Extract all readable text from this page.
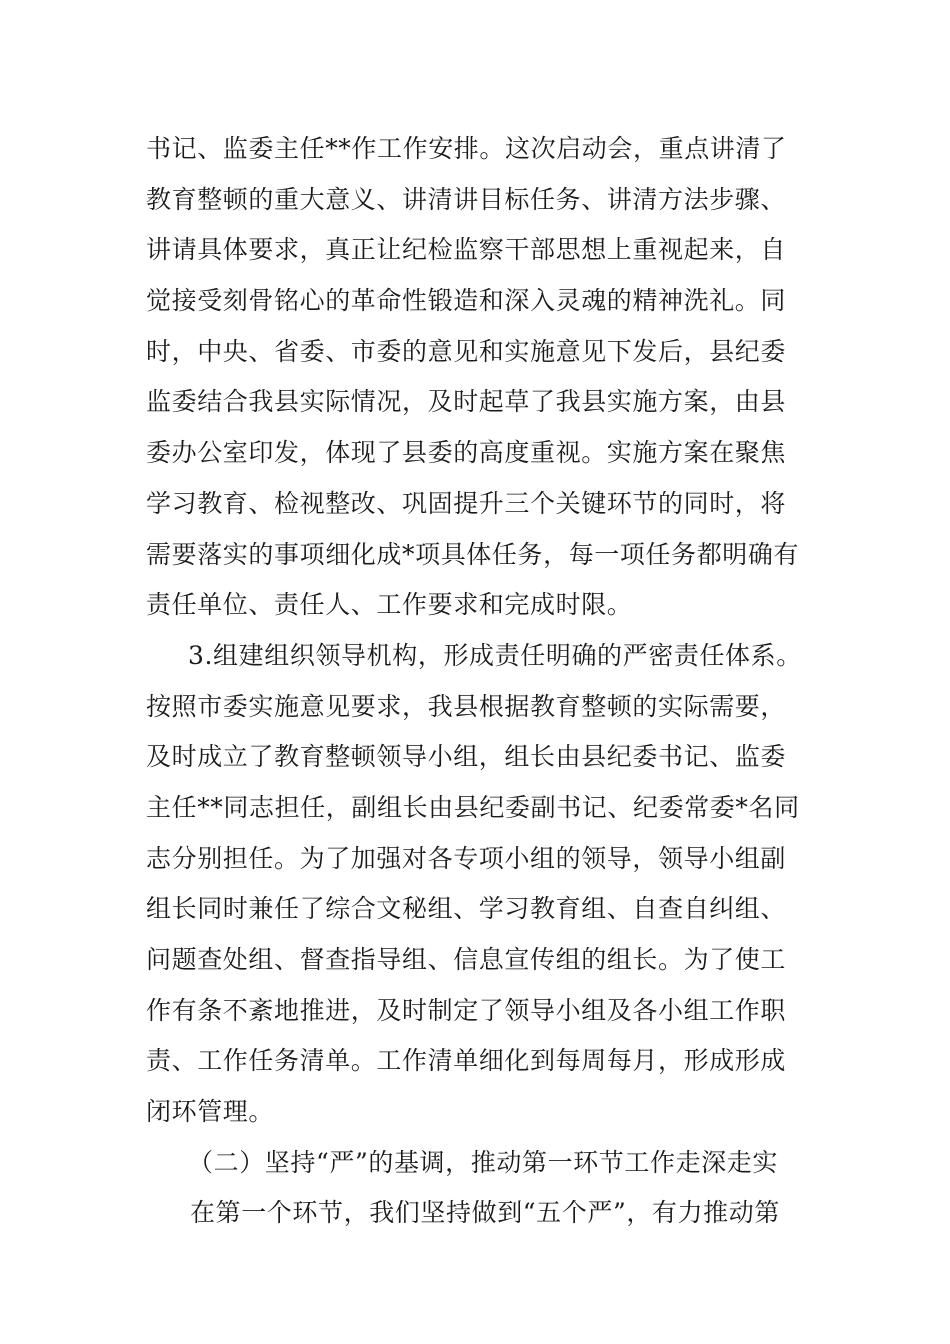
书记、监委主任**作工作安排。这次启动会，重点讲清了
教育整顿的重大意义、讲清讲目标任务、讲清方法步骤、
讲请具体要求，真正让纪检监察干部思想上重视起来，自
觉接受刻骨铭心的革命性锻造和深入灵魂的精神洗礼。同
时，中央、省委、市委的意见和实施意见下发后，县纪委
监委结合我县实际情况，及时起草了我县实施方案，由县
委办公室印发，体现了县委的高度重视。实施方案在聚焦
学习教育、检视整改、巩固提升三个关键环节的同时，将
需要落实的事项细化成*项具体任务，每一项任务都明确有
责任单位、责任人、工作要求和完成时限。
3.组建组织领导机构，形成责任明确的严密责任体系。
按照市委实施意见要求，我县根据教育整顿的实际需要，
及时成立了教育整顿领导小组，组长由县纪委书记、监委
主任**同志担任，副组长由县纪委副书记、纪委常委*名同
志分别担任。为了加强对各专项小组的领导，领导小组副
组长同时兼任了综合文秘组、学习教育组、自查自纠组、
问题查处组、督查指导组、信息宣传组的组长。为了使工
作有条不紊地推进，及时制定了领导小组及各小组工作职
责、工作任务清单。工作清单细化到每周每月，形成形成
闭环管理。
（二）坚持“严”的基调，推动第一环节工作走深走实
在第一个环节，我们坚持做到“五个严”，有力推动第
